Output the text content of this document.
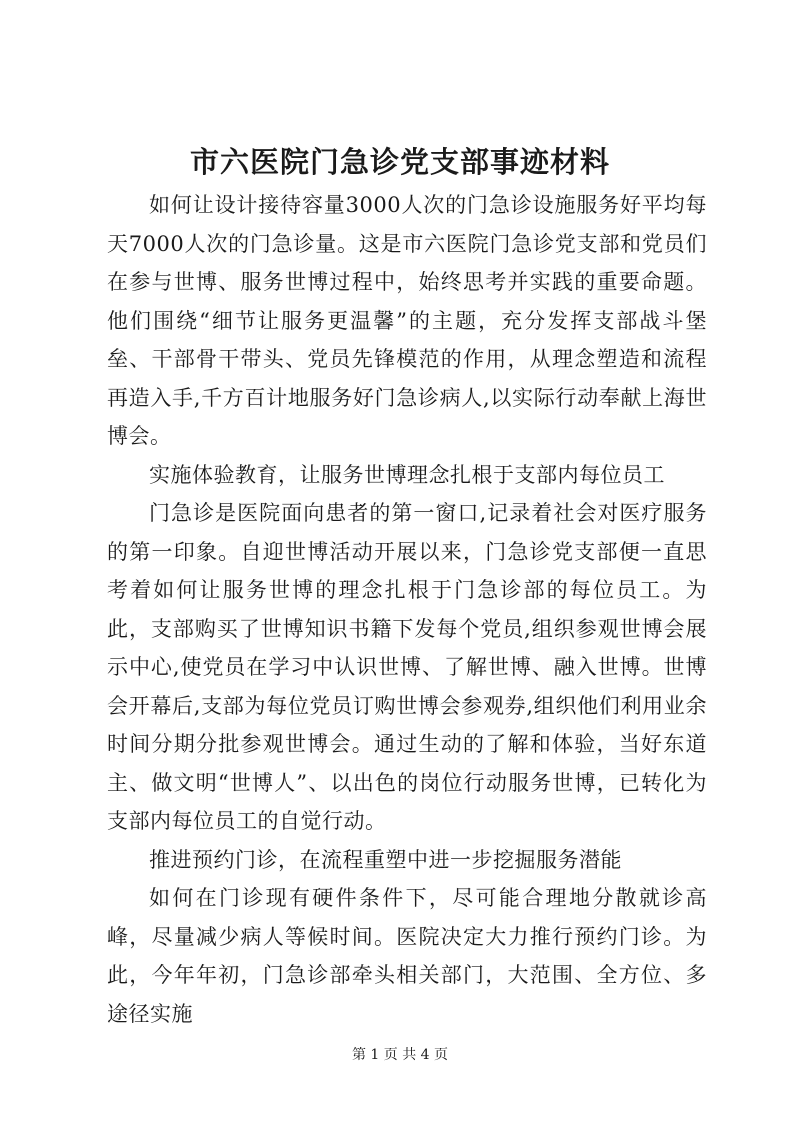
市六医院门急诊党支部事迹材料

如何让设计接待容量3000人次的门急诊设施服务好平均每天7000人次的门急诊量。这是市六医院门急诊党支部和党员们在参与世博、服务世博过程中，始终思考并实践的重要命题。他们围绕“细节让服务更温馨”的主题，充分发挥支部战斗堡垒、干部骨干带头、党员先锋模范的作用，从理念塑造和流程再造入手,千方百计地服务好门急诊病人,以实际行动奉献上海世博会。

实施体验教育，让服务世博理念扎根于支部内每位员工

门急诊是医院面向患者的第一窗口,记录着社会对医疗服务的第一印象。自迎世博活动开展以来，门急诊党支部便一直思考着如何让服务世博的理念扎根于门急诊部的每位员工。为此，支部购买了世博知识书籍下发每个党员,组织参观世博会展示中心,使党员在学习中认识世博、了解世博、融入世博。世博会开幕后,支部为每位党员订购世博会参观券,组织他们利用业余时间分期分批参观世博会。通过生动的了解和体验，当好东道主、做文明“世博人”、以出色的岗位行动服务世博，已转化为支部内每位员工的自觉行动。

推进预约门诊，在流程重塑中进一步挖掘服务潜能

如何在门诊现有硬件条件下，尽可能合理地分散就诊高峰，尽量减少病人等候时间。医院决定大力推行预约门诊。为此，今年年初，门急诊部牵头相关部门，大范围、全方位、多途径实施

第 1 页 共 4 页
